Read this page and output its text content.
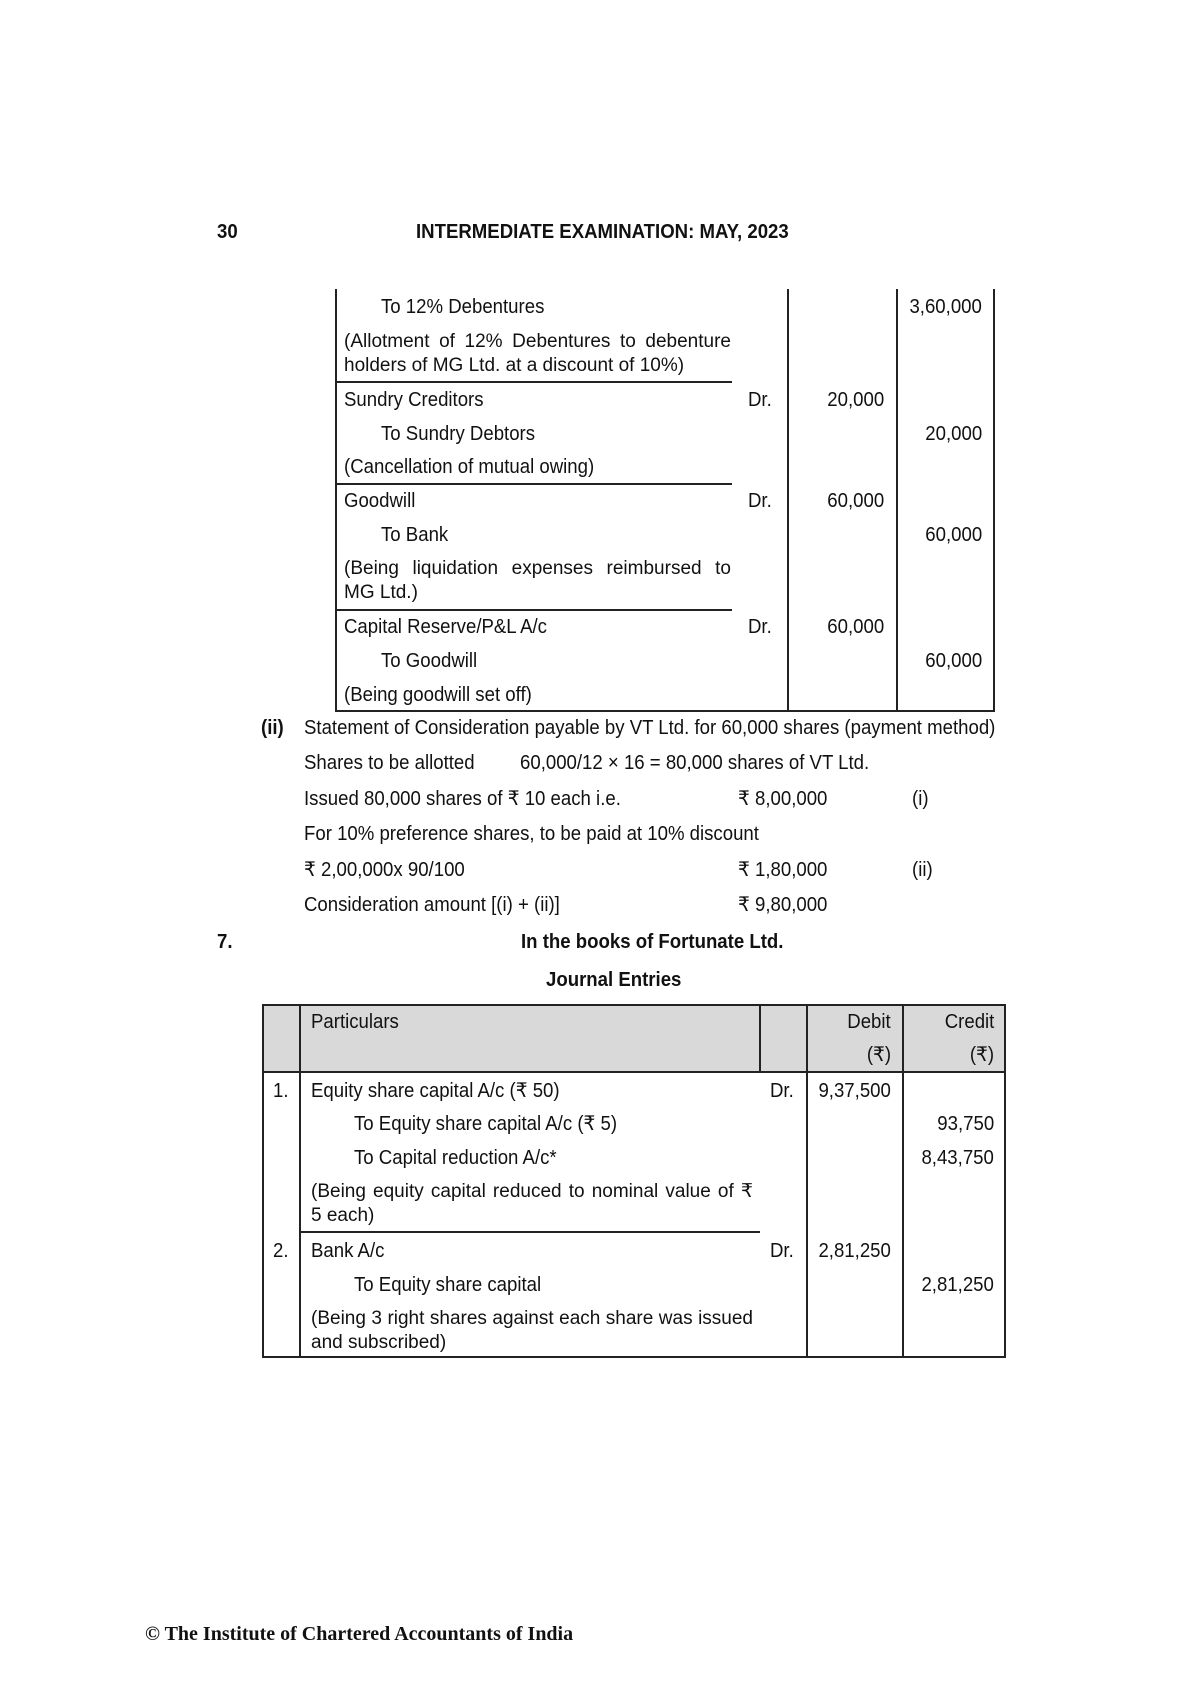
30	INTERMEDIATE EXAMINATION: MAY, 2023
To 12% Debentures	3,60,000
(Allotment of 12% Debentures to debenture holders of MG Ltd. at a discount of 10%)
Sundry Creditors	Dr.	20,000
To Sundry Debtors	20,000
(Cancellation of mutual owing)
Goodwill	Dr.	60,000
To Bank	60,000
(Being liquidation expenses reimbursed to MG Ltd.)
Capital Reserve/P&L A/c	Dr.	60,000
To Goodwill	60,000
(Being goodwill set off)
(ii) Statement of Consideration payable by VT Ltd. for 60,000 shares (payment method)
Shares to be allotted 60,000/12 × 16 = 80,000 shares of VT Ltd.
Issued 80,000 shares of ₹ 10 each i.e.	₹ 8,00,000	(i)
For 10% preference shares, to be paid at 10% discount
₹ 2,00,000x 90/100	₹ 1,80,000	(ii)
Consideration amount [(i) + (ii)]	₹ 9,80,000
7.	In the books of Fortunate Ltd.
Journal Entries
Particulars	Debit	Credit
(₹)	(₹)
1. Equity share capital A/c (₹ 50)	Dr. 9,37,500
To Equity share capital A/c (₹ 5)	93,750
To Capital reduction A/c*	8,43,750
(Being equity capital reduced to nominal value of ₹ 5 each)
2. Bank A/c	Dr. 2,81,250
To Equity share capital	2,81,250
(Being 3 right shares against each share was issued and subscribed)
© The Institute of Chartered Accountants of India
